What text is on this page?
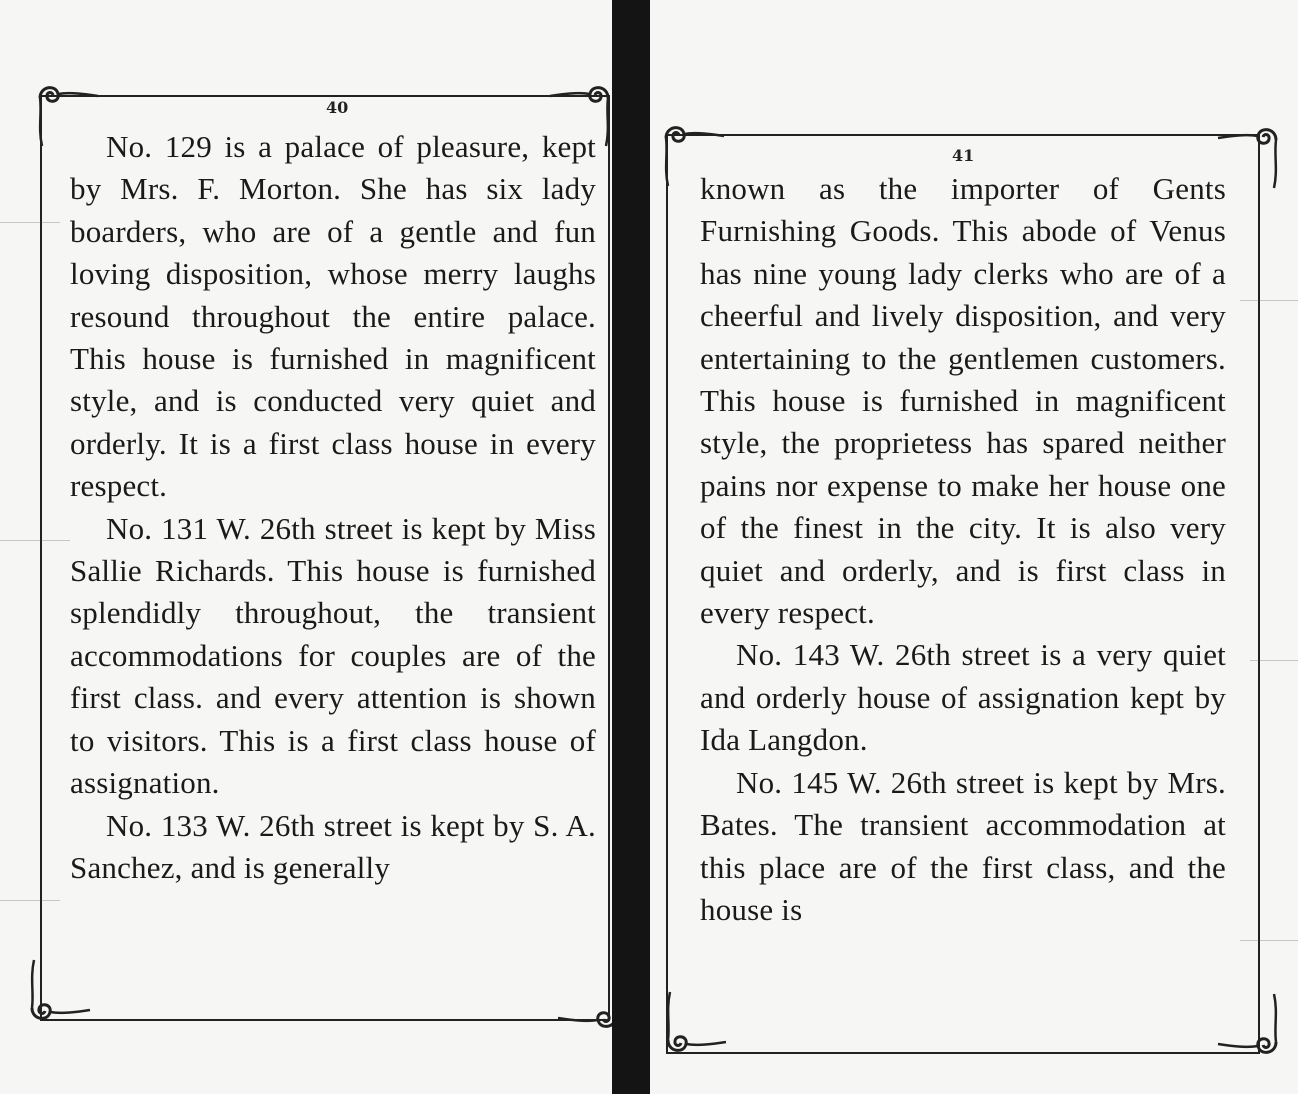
40

No. 129 is a palace of pleasure, kept by Mrs. F. Morton. She has six lady boarders, who are of a gentle and fun loving disposition, whose merry laughs resound throughout the entire palace. This house is furnished in magnificent style, and is conducted very quiet and orderly. It is a first class house in every respect.

No. 131 W. 26th street is kept by Miss Sallie Richards. This house is furnished splendidly throughout, the transient accommodations for couples are of the first class. and every attention is shown to visitors. This is a first class house of assignation.

No. 133 W. 26th street is kept by S. A. Sanchez, and is generally

41

known as the importer of Gents Furnishing Goods. This abode of Venus has nine young lady clerks who are of a cheerful and lively disposition, and very entertaining to the gentlemen customers. This house is furnished in magnificent style, the proprietess has spared neither pains nor expense to make her house one of the finest in the city. It is also very quiet and orderly, and is first class in every respect.

No. 143 W. 26th street is a very quiet and orderly house of assignation kept by Ida Langdon.

No. 145 W. 26th street is kept by Mrs. Bates. The transient accommodation at this place are of the first class, and the house is
